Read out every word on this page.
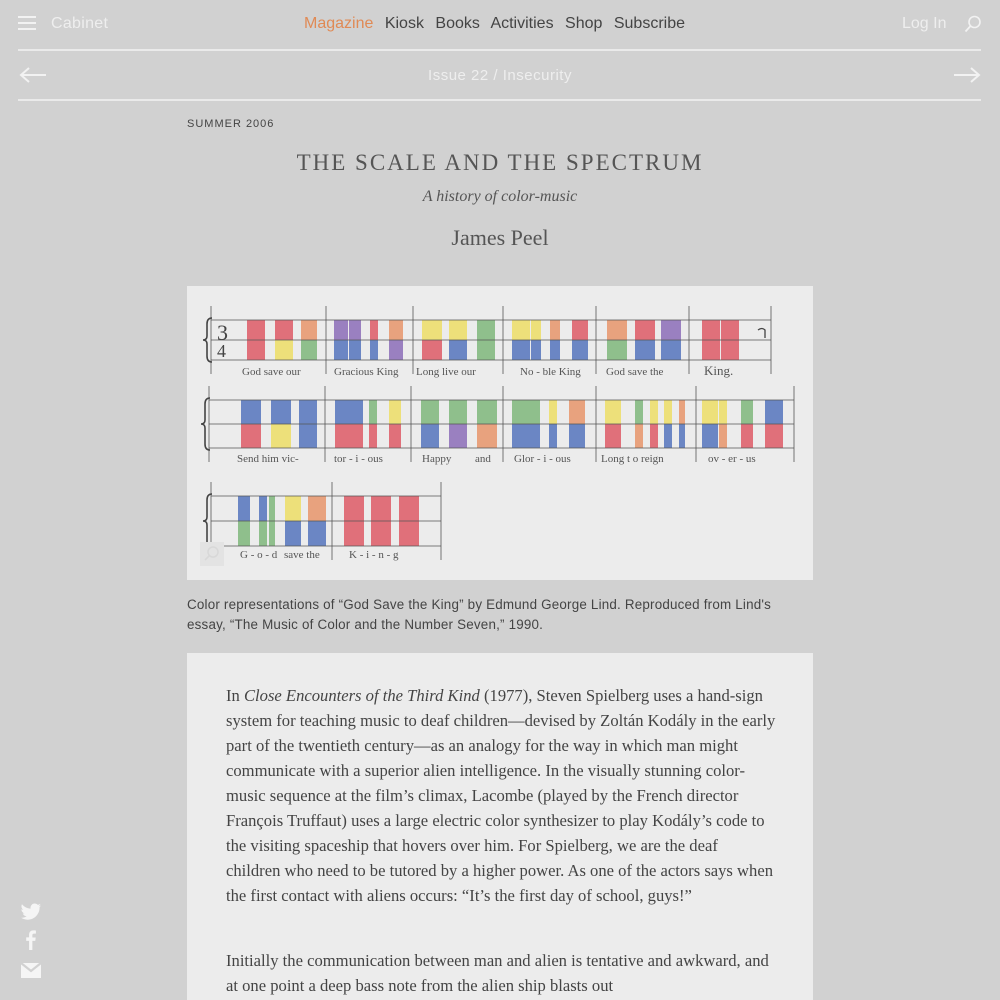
Cabinet	Magazine Kiosk Books Activities Shop Subscribe	Log In
Issue 22 / Insecurity
SUMMER 2006
THE SCALE AND THE SPECTRUM
A history of color-music
James Peel
3
4
God save our	Gracious King Long live our	No - ble King God save the	King.
Send him vic-	tor - i - ous	Happy and Glor - i - ous	Long t o reign	ov - er - us
G - o - d save the	K - i - n - g
Color representations of “God Save the King” by Edmund George Lind. Reproduced from Lind's essay, “The Music of Color and the Number Seven,” 1990.

In Close Encounters of the Third Kind (1977), Steven Spielberg uses a hand-sign system for teaching music to deaf children—devised by Zoltán Kodály in the early part of the twentieth century—as an analogy for the way in which man might communicate with a superior alien intelligence. In the visually stunning color-music sequence at the film’s climax, Lacombe (played by the French director François Truffaut) uses a large electric color synthesizer to play Kodály’s code to the visiting spaceship that hovers over him. For Spielberg, we are the deaf children who need to be tutored by a higher power. As one of the actors says when the first contact with aliens occurs: “It’s the first day of school, guys!”

Initially the communication between man and alien is tentative and awkward, and at one point a deep bass note from the alien ship blasts out
